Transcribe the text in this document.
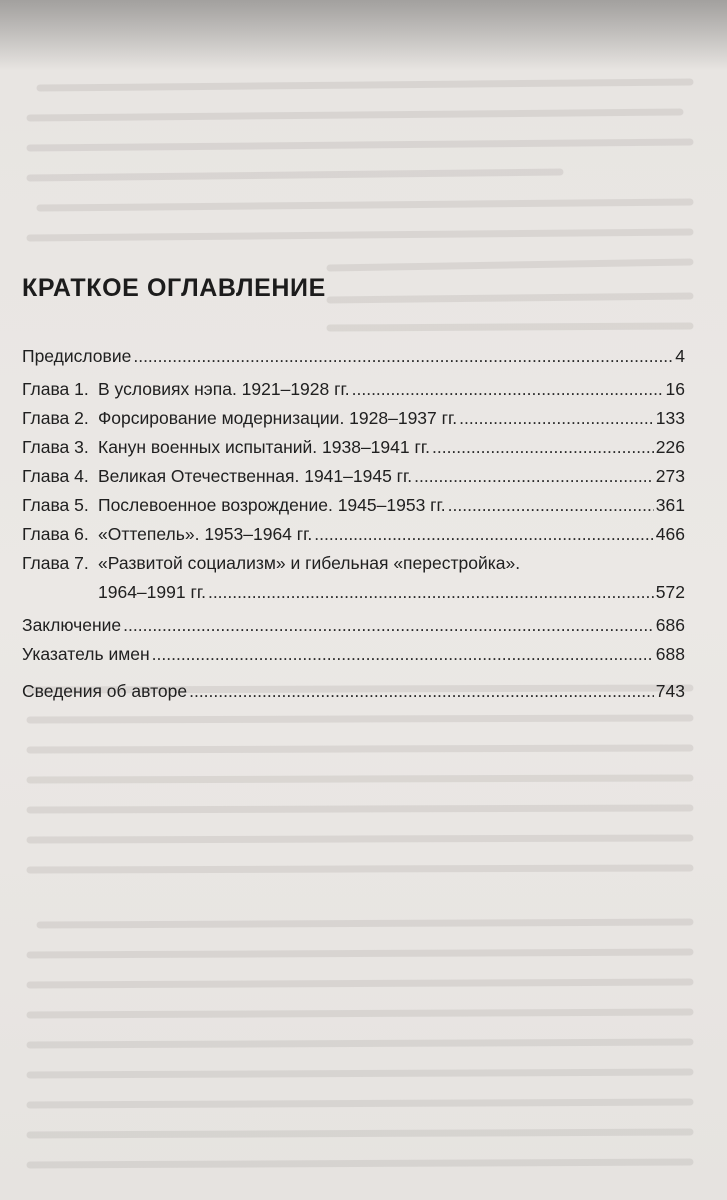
КРАТКОЕ ОГЛАВЛЕНИЕ
Предисловие .....	4
Глава 1. В условиях нэпа. 1921–1928 гг. .....	16
Глава 2. Форсирование модернизации. 1928–1937 гг. .....	133
Глава 3. Канун военных испытаний. 1938–1941 гг. .....	226
Глава 4. Великая Отечественная. 1941–1945 гг. .....	273
Глава 5. Послевоенное возрождение. 1945–1953 гг. .....	361
Глава 6. «Оттепель». 1953–1964 гг. .....	466
Глава 7. «Развитой социализм» и гибельная «перестройка».
1964–1991 гг. .....	572
Заключение .....	686
Указатель имен .....	688
Сведения об авторе .....	743
